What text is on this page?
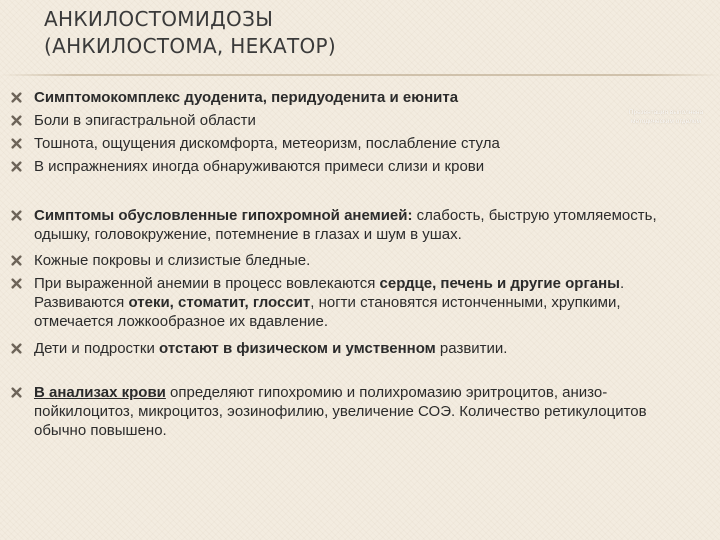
АНКИЛОСТОМИДОЗЫ
(АНКИЛОСТОМА, НЕКАТОР)
Презентация выполнена
методическим отделом
Симптомокомплекс дуоденита, перидуоденита и еюнита
Боли в эпигастральной области
Тошнота, ощущения дискомфорта, метеоризм, послабление стула
В испражнениях иногда обнаруживаются примеси слизи и крови
Симптомы обусловленные гипохромной анемией: слабость, быструю утомляемость, одышку, головокружение, потемнение в глазах и шум в ушах.
Кожные покровы и слизистые бледные.
При выраженной анемии в процесс вовлекаются сердце, печень и другие органы. Развиваются отеки, стоматит, глоссит, ногти становятся истонченными, хрупкими, отмечается ложкообразное их вдавление.
Дети и подростки отстают в физическом и умственном развитии.
В анализах крови определяют гипохромию и полихромазию эритроцитов, анизо-пойкилоцитоз, микроцитоз, эозинофилию, увеличение СОЭ. Количество ретикулоцитов обычно повышено.
